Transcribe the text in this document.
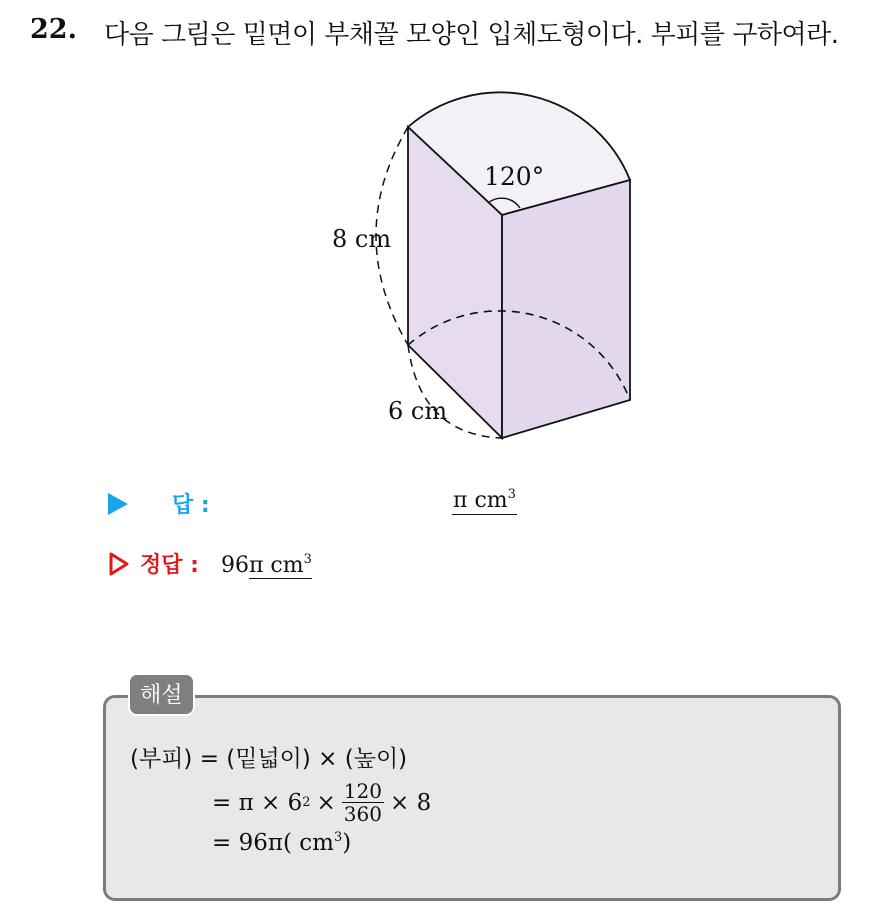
22. 다음 그림은 밑면이 부채꼴 모양인 입체도형이다. 부피를 구하여라.
120°
8 cm
6 cm
답 :	π $cm^3$
정답 : 96π $cm^3$
해설
(부피) = (밑넓이) × (높이)
= π × 6 $2 \times \frac{120}{360} \times 8$
= 96π( $cm^3$)
